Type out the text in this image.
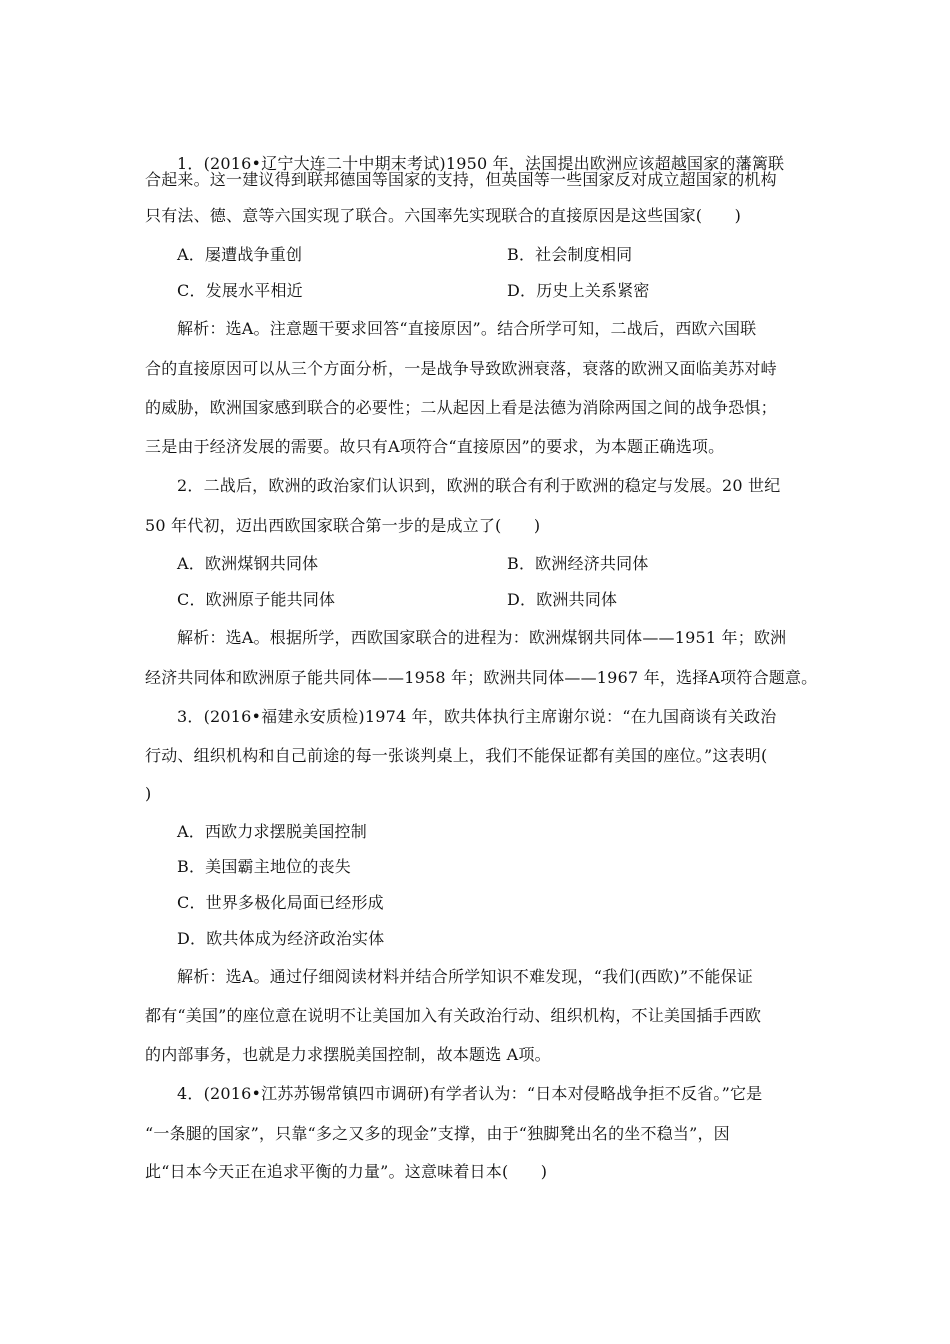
1．(2016•辽宁大连二十中期末考试)1950 年，法国提出欧洲应该超越国家的藩篱联
合起来。这一建议得到联邦德国等国家的支持，但英国等一些国家反对成立超国家的机构
只有法、德、意等六国实现了联合。六国率先实现联合的直接原因是这些国家(　　)
A．屡遭战争重创	B．社会制度相同
C．发展水平相近	D．历史上关系紧密
解析：选A。注意题干要求回答“直接原因”。结合所学可知，二战后，西欧六国联
合的直接原因可以从三个方面分析，一是战争导致欧洲衰落，衰落的欧洲又面临美苏对峙
的威胁，欧洲国家感到联合的必要性；二从起因上看是法德为消除两国之间的战争恐惧；
三是由于经济发展的需要。故只有A项符合“直接原因”的要求，为本题正确选项。
2．二战后，欧洲的政治家们认识到，欧洲的联合有利于欧洲的稳定与发展。20 世纪
50 年代初，迈出西欧国家联合第一步的是成立了(　　)
A．欧洲煤钢共同体	B．欧洲经济共同体
C．欧洲原子能共同体	D．欧洲共同体
解析：选A。根据所学，西欧国家联合的进程为：欧洲煤钢共同体——1951 年；欧洲
经济共同体和欧洲原子能共同体——1958 年；欧洲共同体——1967 年，选择A项符合题意。
3．(2016•福建永安质检)1974 年，欧共体执行主席谢尔说：“在九国商谈有关政治
行动、组织机构和自己前途的每一张谈判桌上，我们不能保证都有美国的座位。”这表明(
)
A．西欧力求摆脱美国控制
B．美国霸主地位的丧失
C．世界多极化局面已经形成
D．欧共体成为经济政治实体
解析：选A。通过仔细阅读材料并结合所学知识不难发现，“我们(西欧)”不能保证
都有“美国”的座位意在说明不让美国加入有关政治行动、组织机构，不让美国插手西欧
的内部事务，也就是力求摆脱美国控制，故本题选 A项。
4．(2016•江苏苏锡常镇四市调研)有学者认为：“日本对侵略战争拒不反省。”它是
“一条腿的国家”，只靠“多之又多的现金”支撑，由于“独脚凳出名的坐不稳当”，因
此“日本今天正在追求平衡的力量”。这意味着日本(　　)
